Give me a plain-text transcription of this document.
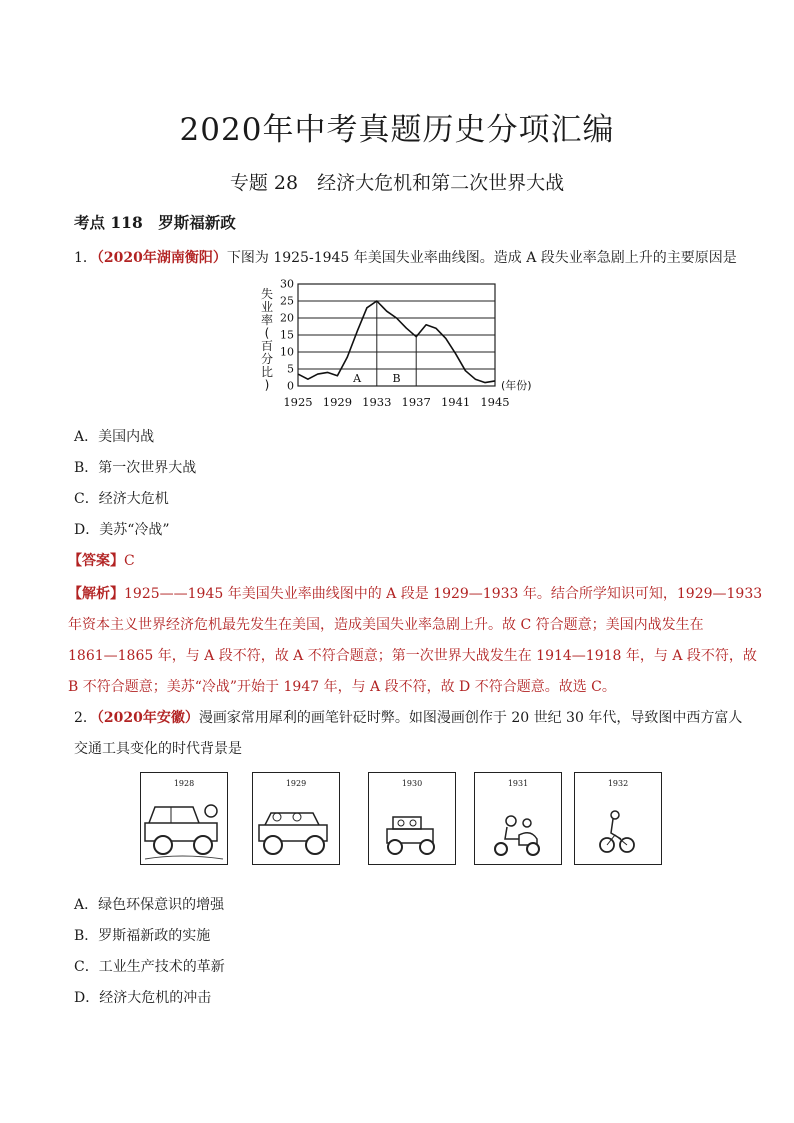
2020年中考真题历史分项汇编
专题 28　经济大危机和第二次世界大战
考点 118　罗斯福新政
1．（2020年湖南衡阳）下图为 1925-1945 年美国失业率曲线图。造成 A 段失业率急剧上升的主要原因是
0
5
10
15
20
25
30
1925 1929 1933 1937 1941 1945
失
业
率
(
百
分
比
)	(年份)
A	B
A．美国内战
B．第一次世界大战
C．经济大危机
D．美苏“冷战”
【答案】C
【解析】1925——1945 年美国失业率曲线图中的 A 段是 1929—1933 年。结合所学知识可知，1929—1933
年资本主义世界经济危机最先发生在美国，造成美国失业率急剧上升。故 C 符合题意；美国内战发生在
1861—1865 年，与 A 段不符，故 A 不符合题意；第一次世界大战发生在 1914—1918 年，与 A 段不符，故
B 不符合题意；美苏“冷战”开始于 1947 年，与 A 段不符，故 D 不符合题意。故选 C。
2．（2020年安徽）漫画家常用犀利的画笔针砭时弊。如图漫画创作于 20 世纪 30 年代，导致图中西方富人
交通工具变化的时代背景是
1928	1929	1930	1931	1932
A．绿色环保意识的增强
B．罗斯福新政的实施
C．工业生产技术的革新
D．经济大危机的冲击
